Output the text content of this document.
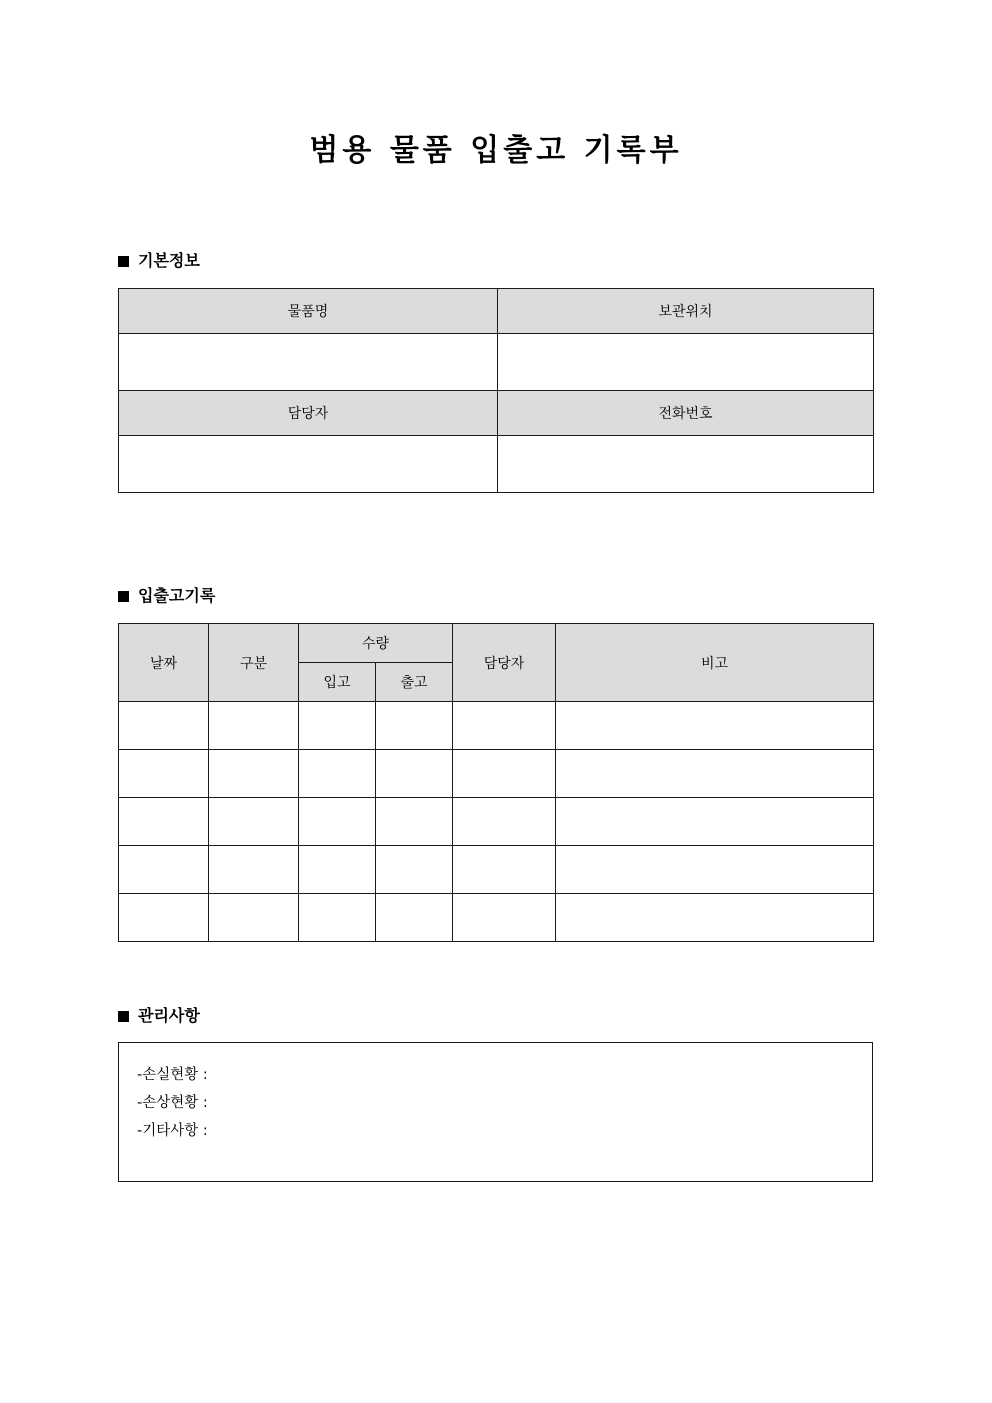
범용 물품 입출고 기록부
기본정보
물품명	보관위치

담당자	전화번호

입출고기록
날짜	구분	수량		담당자	비고
		입고	출고		

관리사항
-손실현황 :
-손상현황 :
-기타사항 :
